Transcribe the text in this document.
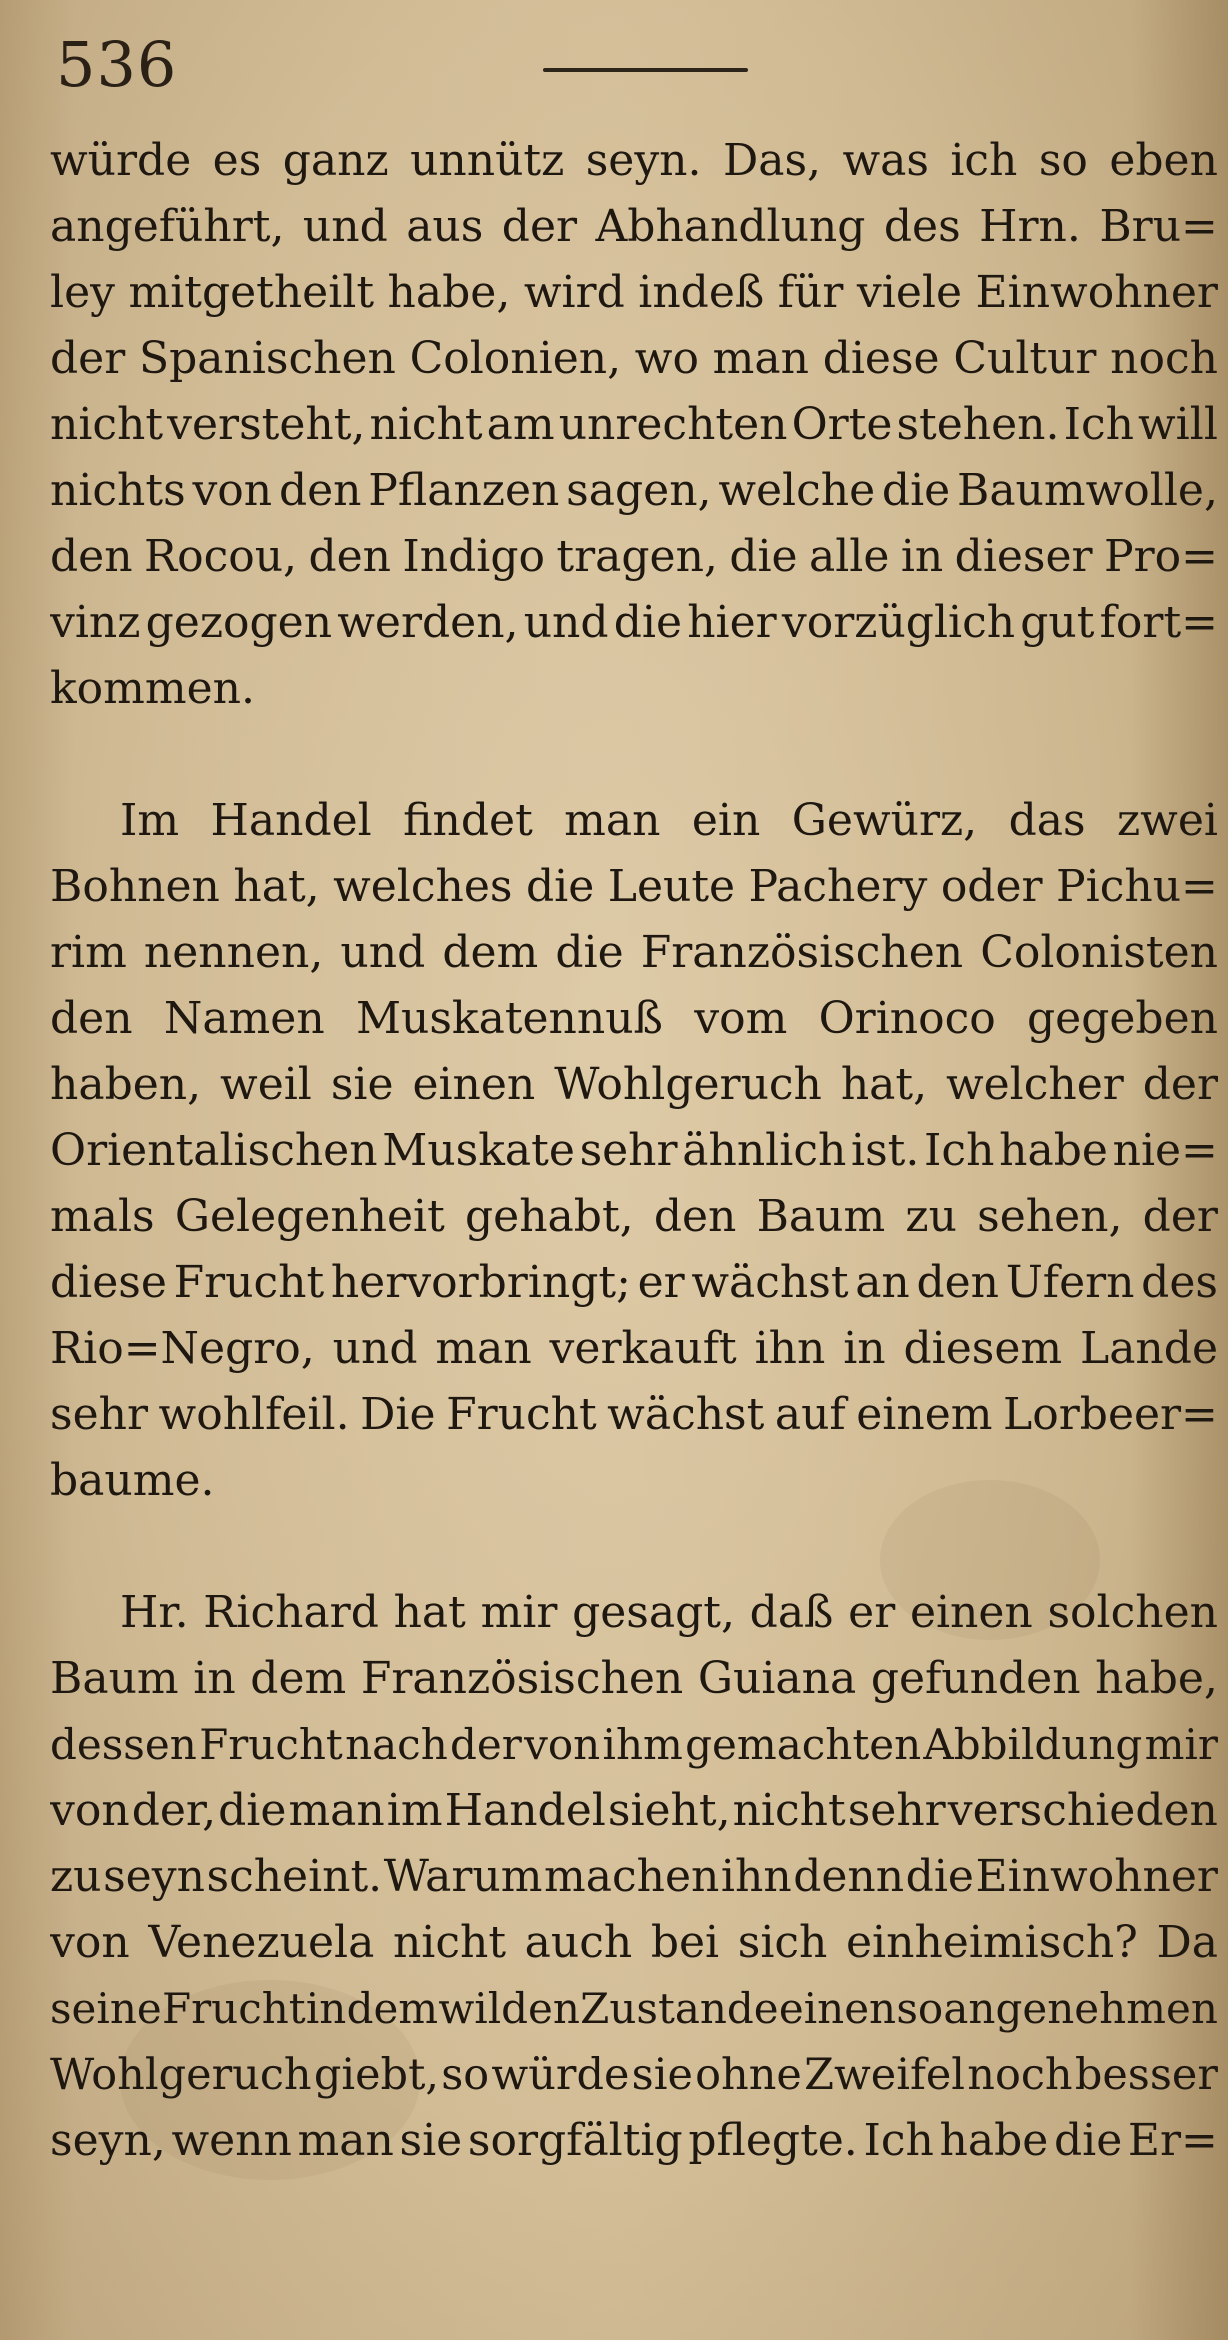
536
würde es ganz unnütz seyn. Das, was ich so eben
angeführt, und aus der Abhandlung des Hrn. Bru=
ley mitgetheilt habe, wird indeß für viele Einwohner
der Spanischen Colonien, wo man diese Cultur noch
nicht versteht, nicht am unrechten Orte stehen. Ich will
nichts von den Pflanzen sagen, welche die Baumwolle,
den Rocou, den Indigo tragen, die alle in dieser Pro=
vinz gezogen werden, und die hier vorzüglich gut fort=
kommen.
Im Handel findet man ein Gewürz, das zwei
Bohnen hat, welches die Leute Pachery oder Pichu=
rim nennen, und dem die Französischen Colonisten
den Namen Muskatennuß vom Orinoco gegeben
haben, weil sie einen Wohlgeruch hat, welcher der
Orientalischen Muskate sehr ähnlich ist. Ich habe nie=
mals Gelegenheit gehabt, den Baum zu sehen, der
diese Frucht hervorbringt; er wächst an den Ufern des
Rio=Negro, und man verkauft ihn in diesem Lande
sehr wohlfeil. Die Frucht wächst auf einem Lorbeer=
baume.
Hr. Richard hat mir gesagt, daß er einen solchen
Baum in dem Französischen Guiana gefunden habe,
dessen Frucht nach der von ihm gemachten Abbildung mir
von der, die man im Handel sieht, nicht sehr verschieden
zu seyn scheint. Warum machen ihn denn die Einwohner
von Venezuela nicht auch bei sich einheimisch? Da
seine Frucht in dem wilden Zustande einen so angenehmen
Wohlgeruch giebt, so würde sie ohne Zweifel noch besser
seyn, wenn man sie sorgfältig pflegte. Ich habe die Er=
